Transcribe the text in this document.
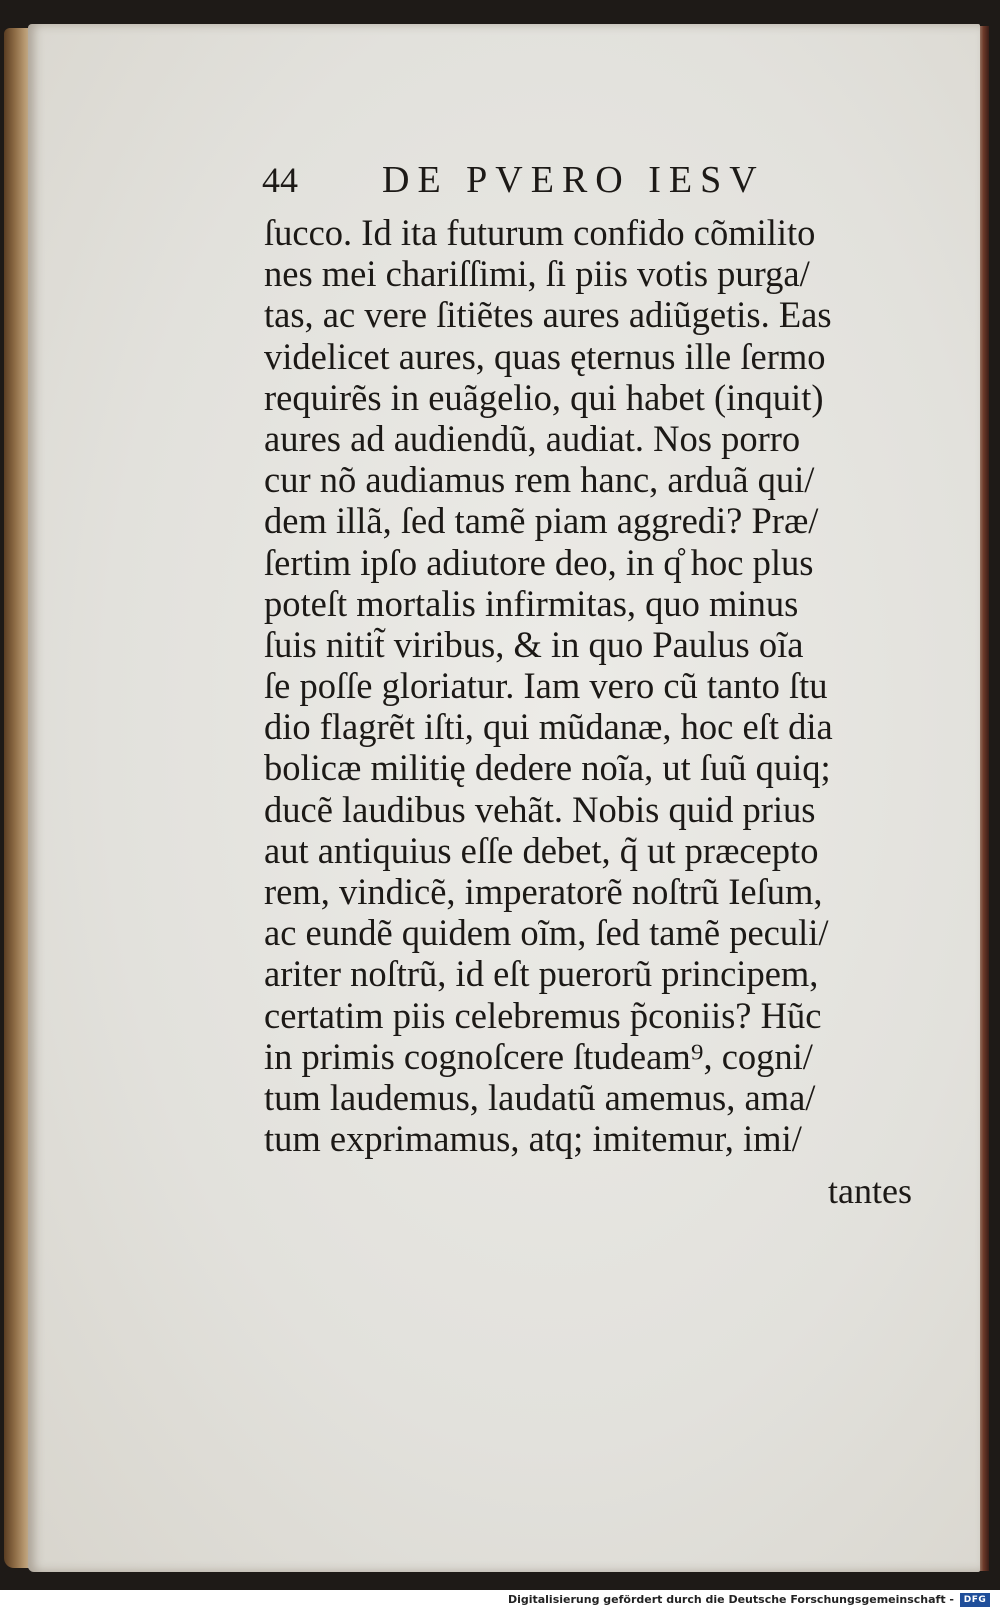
44	DE PVERO IESV
ſucco. Id ita futurum confido cõmilito
nes mei chariſſimi, ſi piis votis purga/
tas, ac vere ſitiẽtes aures adiũgetis. Eas
videlicet aures, quas ęternus ille ſermo
requirẽs in euãgelio, qui habet (inquit)
aures ad audiendũ, audiat. Nos porro
cur nõ audiamus rem hanc, arduã qui/
dem illã, ſed tamẽ piam aggredi? Præ/
ſertim ipſo adiutore deo, in q̊ hoc plus
poteſt mortalis infirmitas, quo minus
ſuis nitit̃ viribus, & in quo Paulus oĩa
ſe poſſe gloriatur. Iam vero cũ tanto ſtu
dio flagrẽt iſti, qui mũdanæ, hoc eſt dia
bolicæ militię dedere noĩa, ut ſuũ quiq;
ducẽ laudibus vehãt. Nobis quid prius
aut antiquius eſſe debet, q̃ ut præcepto
rem, vindicẽ, imperatorẽ noſtrũ Ieſum,
ac eundẽ quidem oĩm, ſed tamẽ peculi/
ariter noſtrũ, id eſt puerorũ principem,
certatim piis celebremus p̃coniis? Hũc
in primis cognoſcere ſtudeam⁹, cogni/
tum laudemus, laudatũ amemus, ama/
tum exprimamus, atq; imitemur, imi/
tantes
Digitalisierung gefördert durch die Deutsche Forschungsgemeinschaft -	DFG
